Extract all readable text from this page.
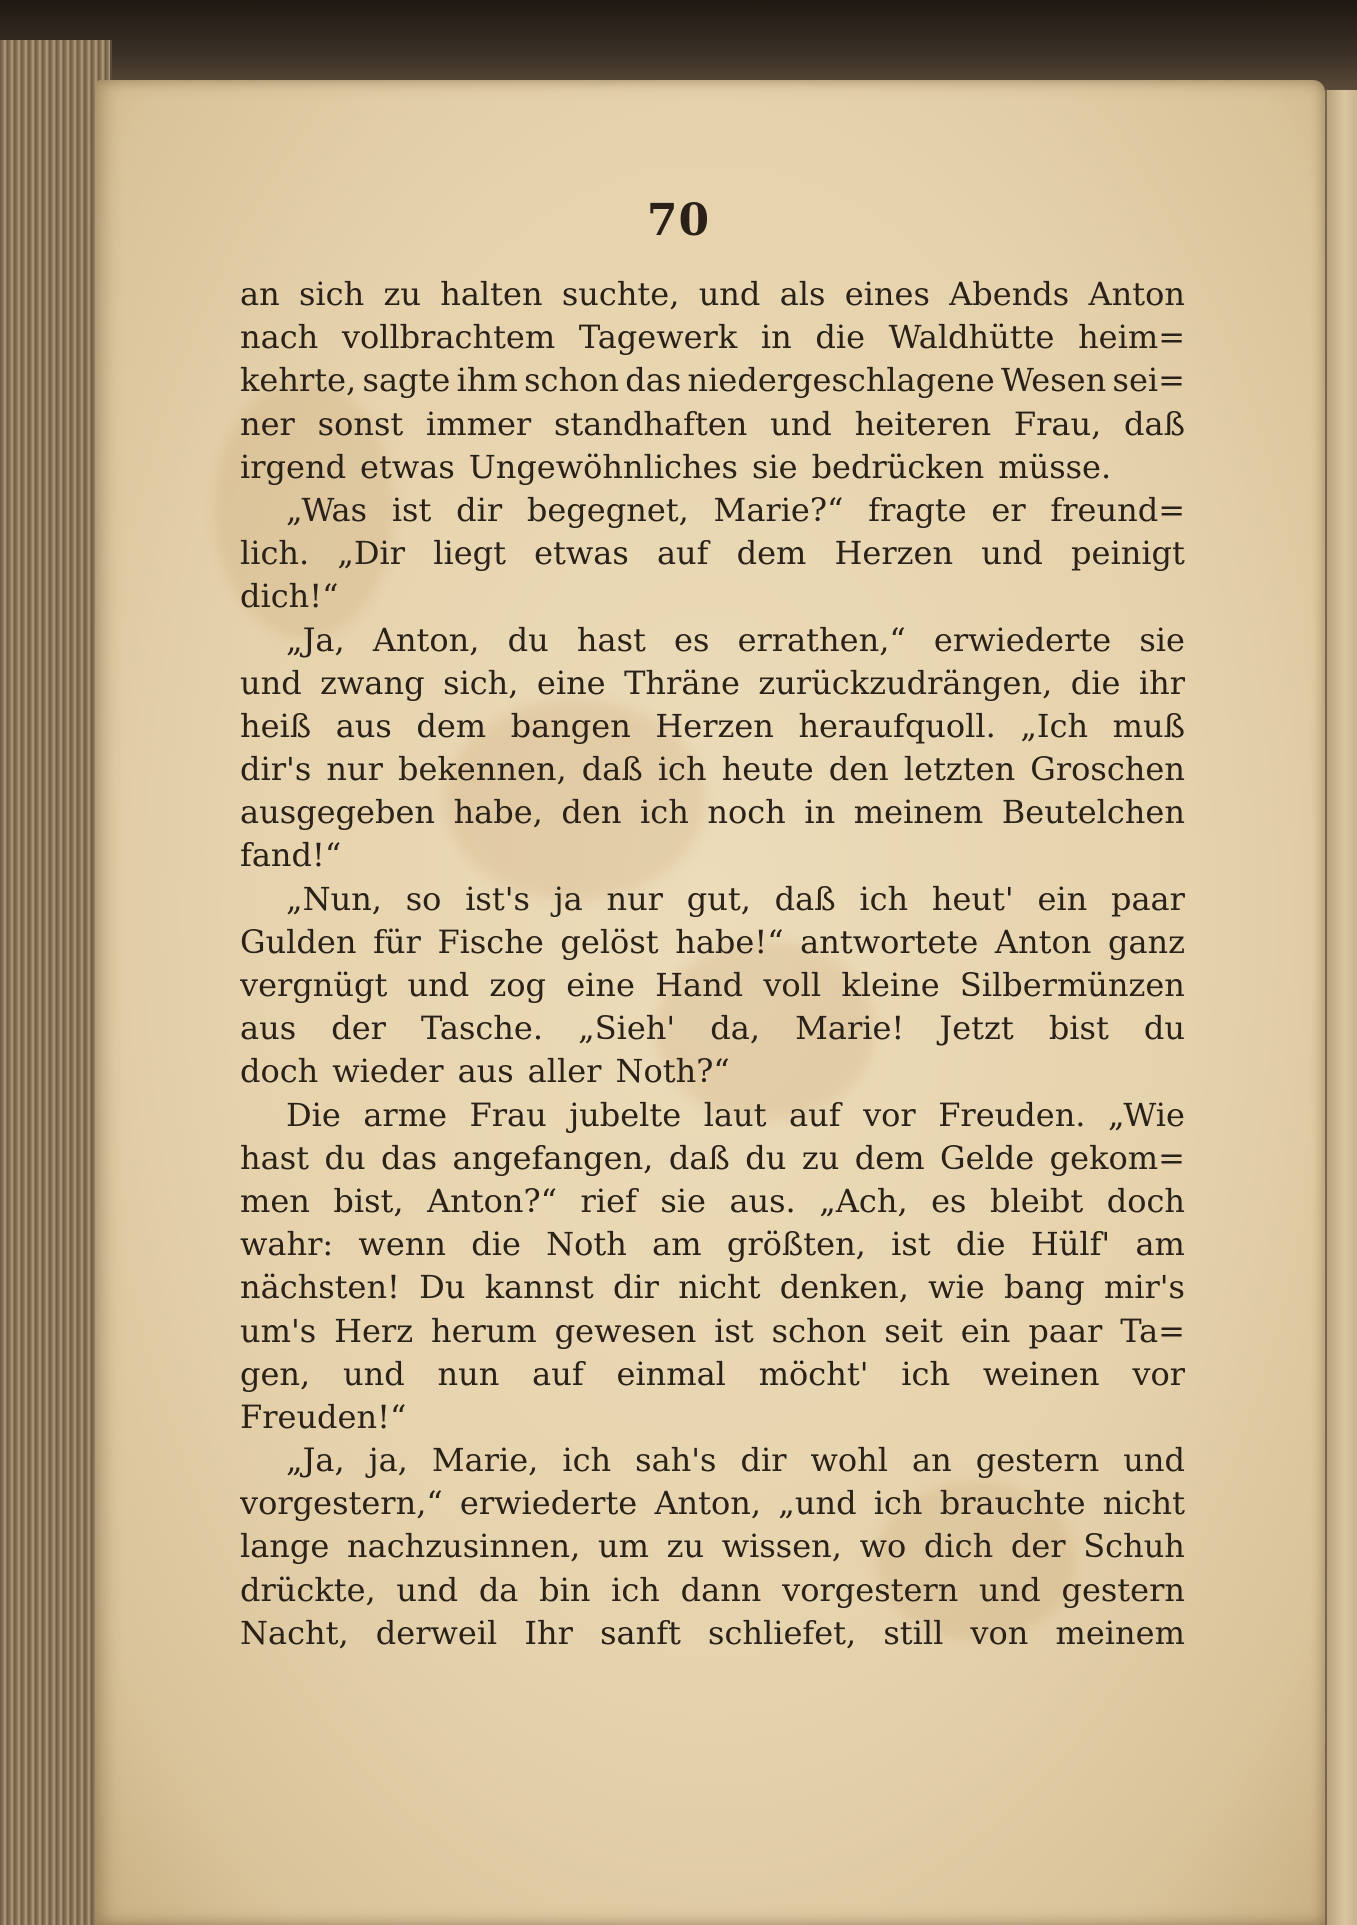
70
an sich zu halten suchte, und als eines Abends Anton
nach vollbrachtem Tagewerk in die Waldhütte heim=
kehrte, sagte ihm schon das niedergeschlagene Wesen sei=
ner sonst immer standhaften und heiteren Frau, daß
irgend etwas Ungewöhnliches sie bedrücken müsse.
„Was ist dir begegnet, Marie?“ fragte er freund=
lich. „Dir liegt etwas auf dem Herzen und peinigt
dich!“
„Ja, Anton, du hast es errathen,“ erwiederte sie
und zwang sich, eine Thräne zurückzudrängen, die ihr
heiß aus dem bangen Herzen heraufquoll. „Ich muß
dir's nur bekennen, daß ich heute den letzten Groschen
ausgegeben habe, den ich noch in meinem Beutelchen
fand!“
„Nun, so ist's ja nur gut, daß ich heut' ein paar
Gulden für Fische gelöst habe!“ antwortete Anton ganz
vergnügt und zog eine Hand voll kleine Silbermünzen
aus der Tasche. „Sieh' da, Marie! Jetzt bist du
doch wieder aus aller Noth?“
Die arme Frau jubelte laut auf vor Freuden. „Wie
hast du das angefangen, daß du zu dem Gelde gekom=
men bist, Anton?“ rief sie aus. „Ach, es bleibt doch
wahr: wenn die Noth am größten, ist die Hülf' am
nächsten! Du kannst dir nicht denken, wie bang mir's
um's Herz herum gewesen ist schon seit ein paar Ta=
gen, und nun auf einmal möcht' ich weinen vor
Freuden!“
„Ja, ja, Marie, ich sah's dir wohl an gestern und
vorgestern,“ erwiederte Anton, „und ich brauchte nicht
lange nachzusinnen, um zu wissen, wo dich der Schuh
drückte, und da bin ich dann vorgestern und gestern
Nacht, derweil Ihr sanft schliefet, still von meinem
